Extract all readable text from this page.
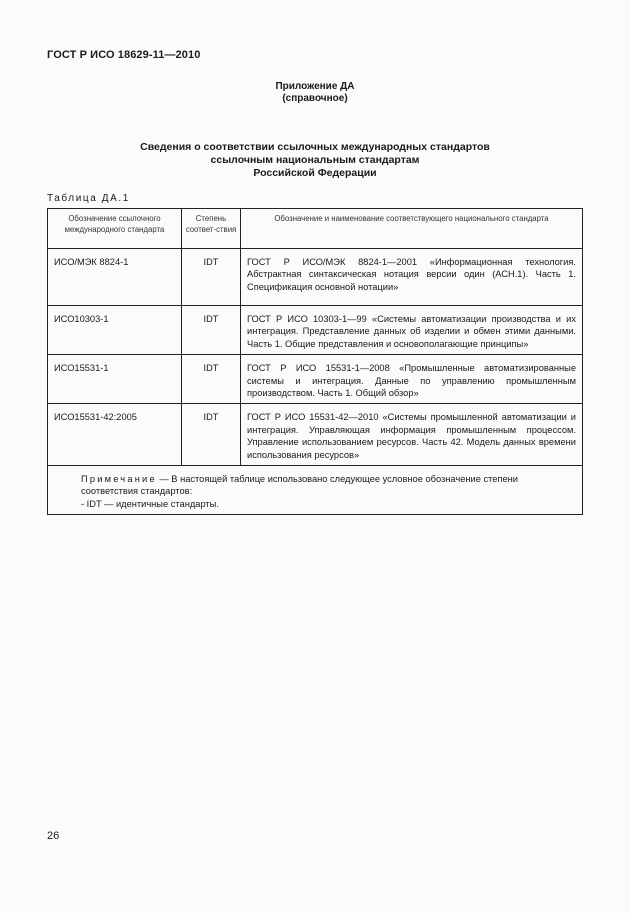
ГОСТ Р ИСО 18629-11—2010
Приложение ДА
(справочное)
Сведения о соответствии ссылочных международных стандартов
ссылочным национальным стандартам
Российской Федерации
Таблица ДА.1
Обозначение ссылочного международного стандарта	Степень соответ-ствия	Обозначение и наименование соответствующего национального стандарта
ИСО/МЭК 8824-1	IDT	ГОСТ Р ИСО/МЭК 8824-1—2001 «Информационная технология. Абстрактная синтаксическая нотация версии один (АСН.1). Часть 1. Спецификация основной нотации»
ИСО10303-1	IDT	ГОСТ Р ИСО 10303-1—99 «Системы автоматизации производства и их интеграция. Представление данных об изделии и обмен этими данными. Часть 1. Общие представления и основополагающие принципы»
ИСО15531-1	IDT	ГОСТ Р ИСО 15531-1—2008 «Промышленные автоматизированные системы и интеграция. Данные по управлению промышленным производством. Часть 1. Общий обзор»
ИСО15531-42:2005	IDT	ГОСТ Р ИСО 15531-42—2010 «Системы промышленной автоматизации и интеграция. Управляющая информация промышленным процессом. Управление использованием ресурсов. Часть 42. Модель данных времени использования ресурсов»

Примечание — В настоящей таблице использовано следующее условное обозначение степени соответствия стандартов:
- IDT — идентичные стандарты.		
26
